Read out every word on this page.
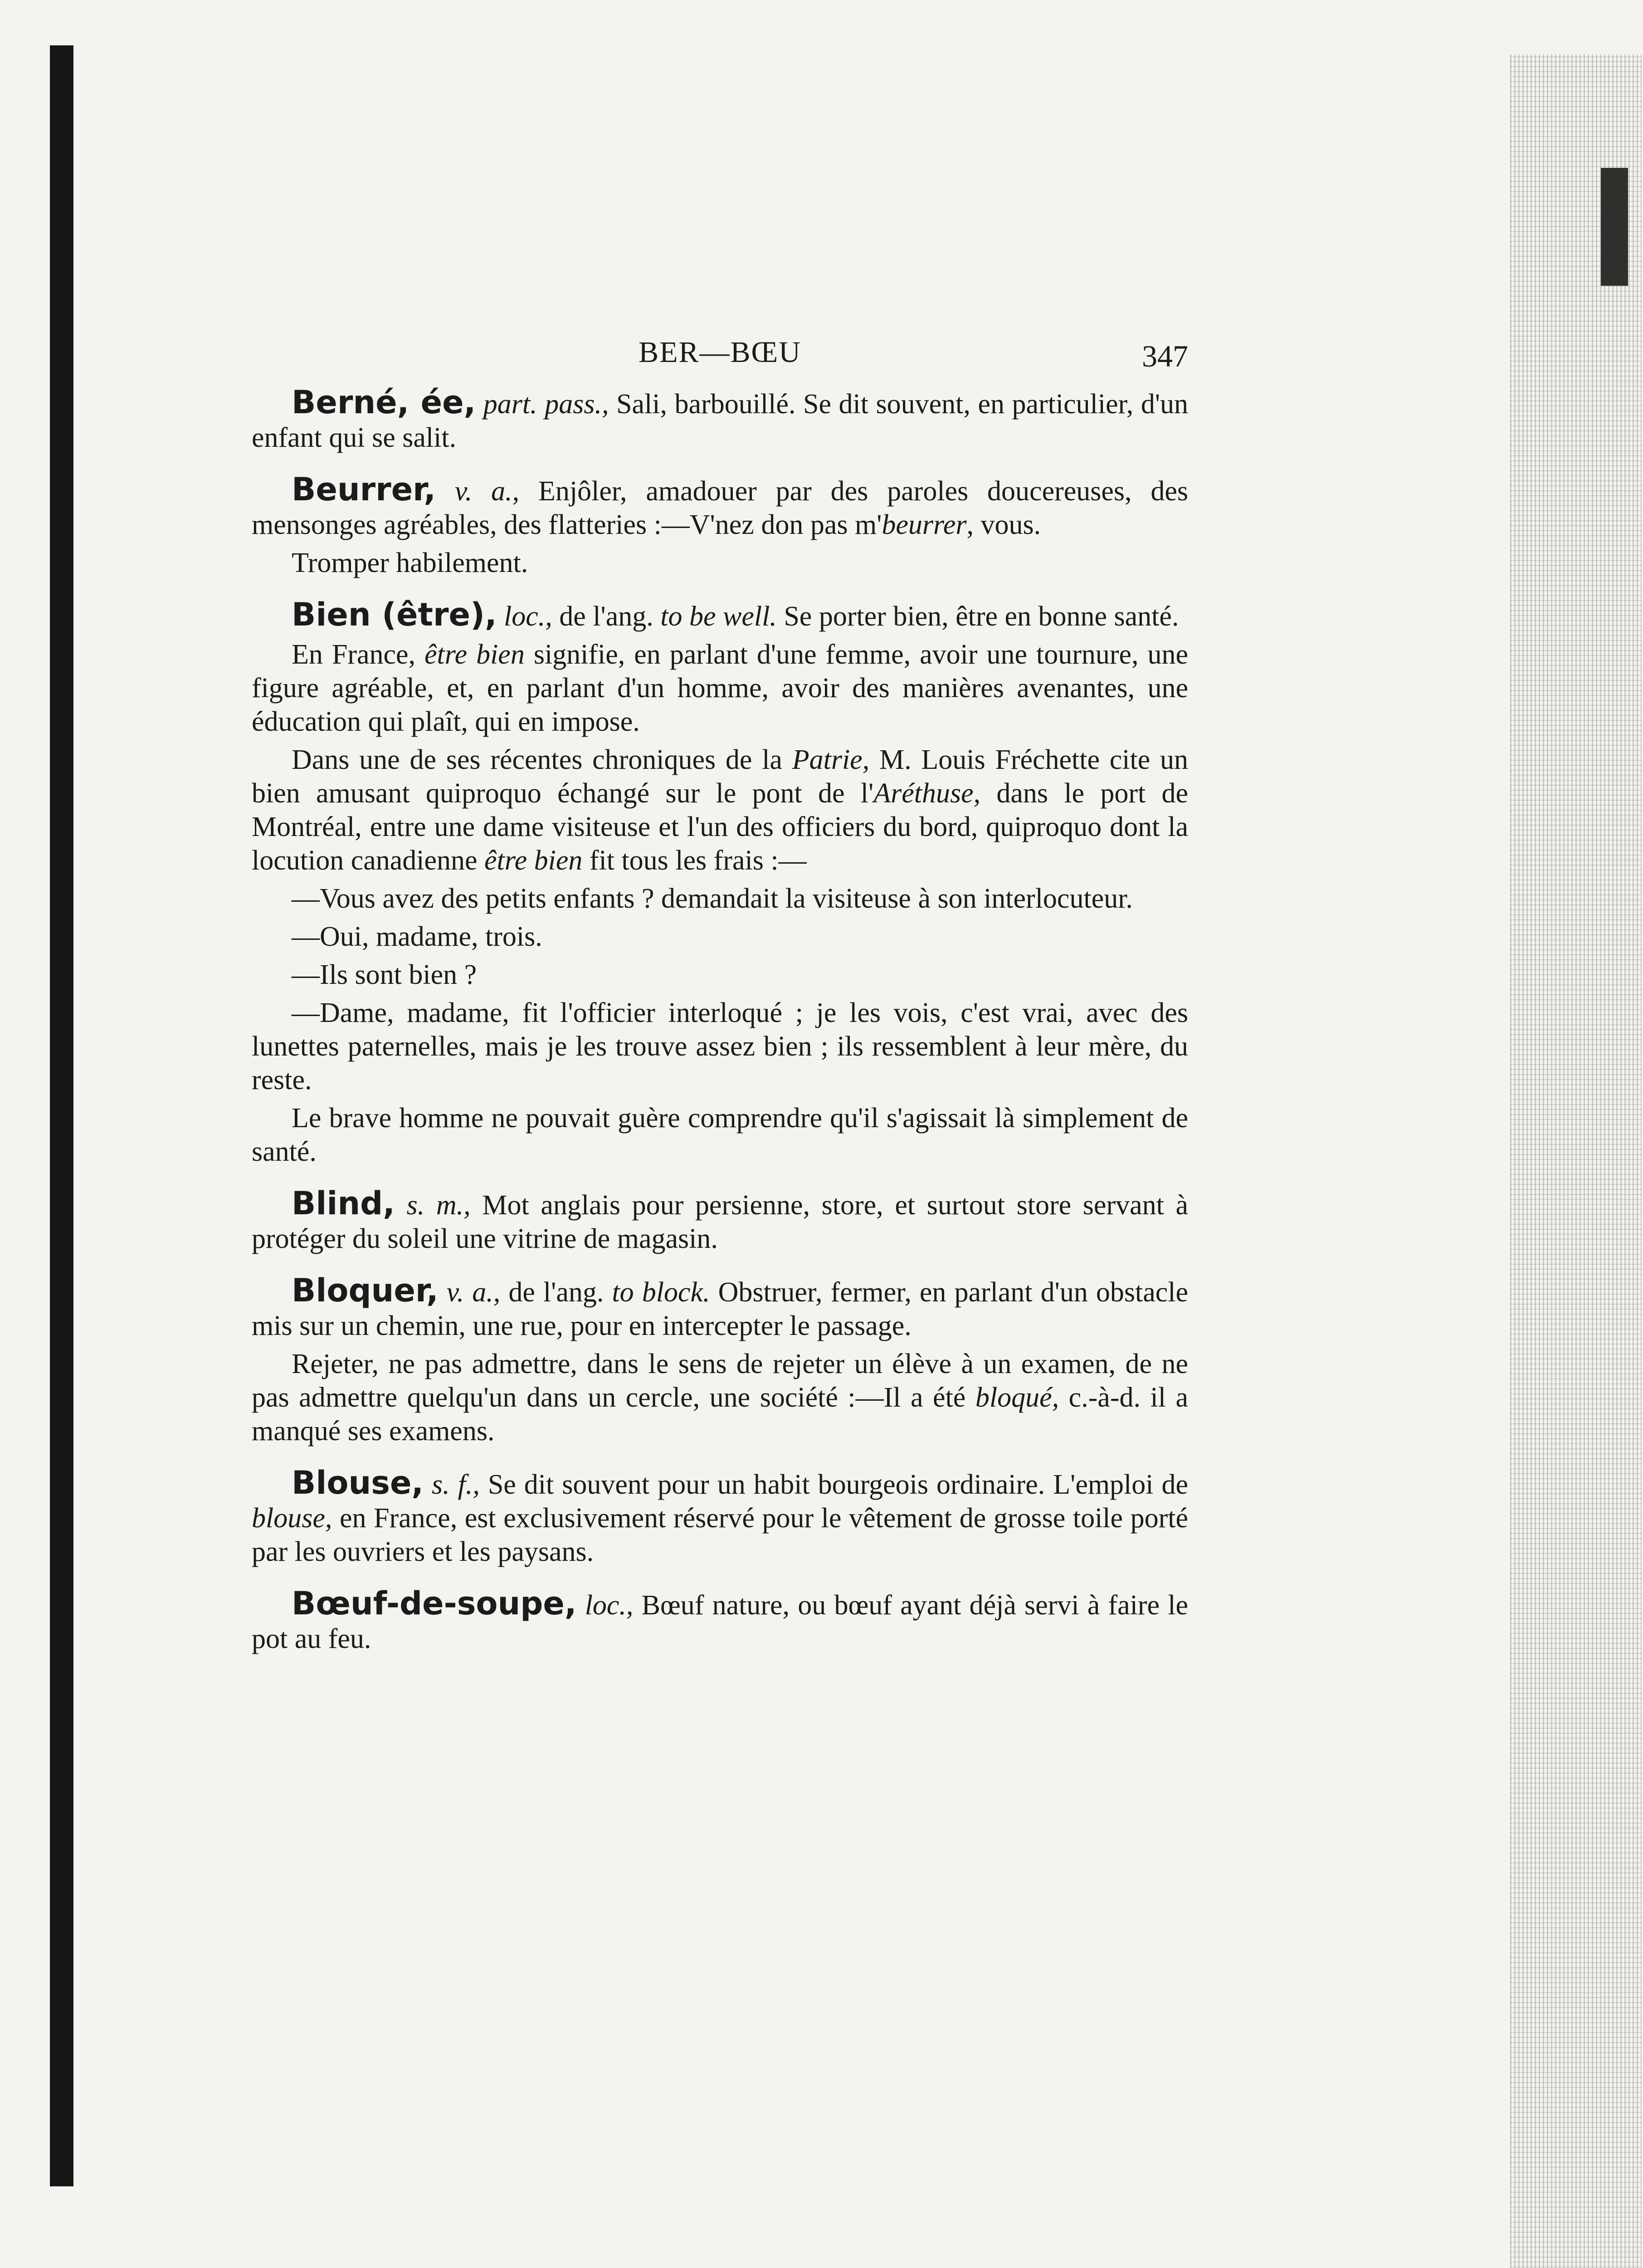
BER—BŒU	347

Berné, ée, part. pass., Sali, barbouillé. Se dit souvent, en particulier, d'un enfant qui se salit.

Beurrer, v. a., Enjôler, amadouer par des paroles doucereuses, des mensonges agréables, des flatteries :—V'nez don pas m'beurrer, vous.

Tromper habilement.

Bien (être), loc., de l'ang. to be well. Se porter bien, être en bonne santé.

En France, être bien signifie, en parlant d'une femme, avoir une tournure, une figure agréable, et, en parlant d'un homme, avoir des manières avenantes, une éducation qui plaît, qui en impose.

Dans une de ses récentes chroniques de la Patrie, M. Louis Fréchette cite un bien amusant quiproquo échangé sur le pont de l'Aréthuse, dans le port de Montréal, entre une dame visiteuse et l'un des officiers du bord, quiproquo dont la locution canadienne être bien fit tous les frais :—

—Vous avez des petits enfants ? demandait la visiteuse à son interlocuteur.

—Oui, madame, trois.

—Ils sont bien ?

—Dame, madame, fit l'officier interloqué ; je les vois, c'est vrai, avec des lunettes paternelles, mais je les trouve assez bien ; ils ressemblent à leur mère, du reste.

Le brave homme ne pouvait guère comprendre qu'il s'agissait là simplement de santé.

Blind, s. m., Mot anglais pour persienne, store, et surtout store servant à protéger du soleil une vitrine de magasin.

Bloquer, v. a., de l'ang. to block. Obstruer, fermer, en parlant d'un obstacle mis sur un chemin, une rue, pour en intercepter le passage.

Rejeter, ne pas admettre, dans le sens de rejeter un élève à un examen, de ne pas admettre quelqu'un dans un cercle, une société :—Il a été bloqué, c.-à-d. il a manqué ses examens.

Blouse, s. f., Se dit souvent pour un habit bourgeois ordinaire. L'emploi de blouse, en France, est exclusivement réservé pour le vêtement de grosse toile porté par les ouvriers et les paysans.

Bœuf-de-soupe, loc., Bœuf nature, ou bœuf ayant déjà servi à faire le pot au feu.
